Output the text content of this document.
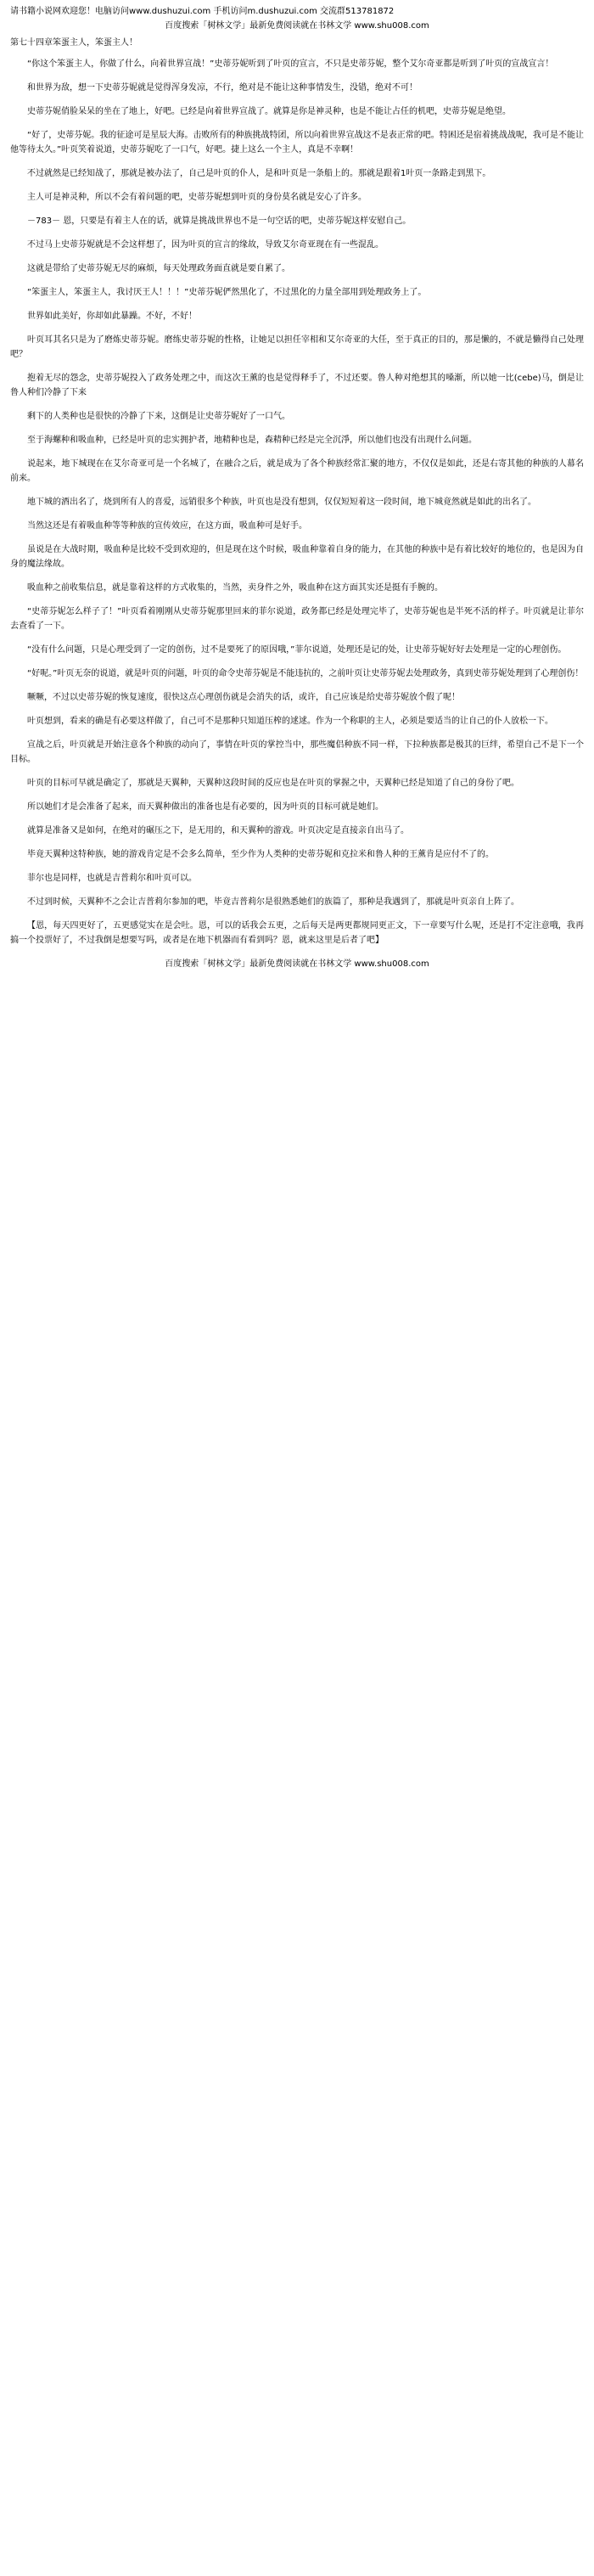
请书籍小说网欢迎您！电脑访问www.dushuzui.com 手机访问m.dushuzui.com 交流群513781872
百度搜索「树林文学」最新免费阅读就在书林文学 www.shu008.com
第七十四章笨蛋主人，笨蛋主人！

“你这个笨蛋主人，你做了什么，向着世界宣战！”史蒂芬妮听到了叶页的宣言，不只是史蒂芬妮，整个艾尔奇亚都是听到了叶页的宣战宣言！

和世界为敌，想一下史蒂芬妮就是觉得浑身发凉，不行，绝对是不能让这种事情发生，没错，绝对不可！

史蒂芬妮俏脸呆呆的坐在了地上，好吧。已经是向着世界宣战了。就算是你是神灵种，也是不能让占任的机吧，史蒂芬妮是绝望。

“好了，史蒂芬妮。我的征途可是星辰大海。击败所有的种族挑战特团，所以向着世界宣战这不是表正常的吧。特困还是宿着挑战战呢，我可是不能让他等待太久。”叶页笑着说道，史蒂芬妮吃了一口气，好吧。捷上这么一个主人，真是不幸啊！

不过就然是已经知战了，那就是被办法了，自己是叶页的仆人，是和叶页是一条船上的。那就是跟着1叶页一条路走到黑下。

主人可是神灵种，所以不会有着问题的吧，史蒂芬妮想到叶页的身份莫名就是安心了许多。

－783－ 恩，只要是有着主人在的话，就算是挑战世界也不是一句空话的吧，史蒂芬妮这样安慰自己。

不过马上史蒂芬妮就是不会这样想了，因为叶页的宣言的缘故，导致艾尔奇亚现在有一些混乱。

这就是带给了史蒂芬妮无尽的麻烦，每天处理政务面直就是要自累了。

“笨蛋主人，笨蛋主人，我讨厌王人！！！”史蒂芬妮俨然黑化了，不过黑化的力量全部用到处理政务上了。

世界如此美好，你却如此暴躁。不好，不好！

叶页耳其名只是为了磨炼史蒂芬妮。磨练史蒂芬妮的性格，让她足以担任宰相和艾尔奇亚的大任，至于真正的目的，那是懒的，不就是懒得自己处理吧？

抱着无尽的怨念，史蒂芬妮投入了政务处理之中，而这次王薰的也是觉得释手了，不过还要。鲁人种对绝想其的嗓渐，所以她一比(cebe)马，倒是让鲁人种们冷静了下来

剩下的人类种也是很快的冷静了下来，这倒是让史蒂芬妮好了一口气。

至于海螺种和吸血种，已经是叶页的忠实拥护者，地精种也是，森精种已经是完全沉淨，所以他们也没有出现什么问题。

说起来，地下城现在在艾尔奇亚可是一个名城了，在融合之后，就是成为了各个种族经常汇聚的地方，不仅仅是如此，还是右寄其他的种族的人幕名前来。

地下城的酒出名了，烧到所有人的喜爱，远销很多个种族，叶页也是没有想到，仅仅短短着这一段时间，地下城竟然就是如此的出名了。

当然这还是有着吸血种等等种族的宣传效应，在这方面，吸血种可是好手。

虽说是在大战时期，吸血种是比较不受到欢迎的，但是现在这个时候，吸血种靠着自身的能力，在其他的种族中是有着比较好的地位的，也是因为自身的魔法缘故。

吸血种之前收集信息，就是靠着这样的方式收集的，当然，卖身件之外，吸血种在这方面其实还是挺有手腕的。

“史蒂芬妮怎么样子了！”叶页看着刚刚从史蒂芬妮那里回来的菲尔说道，政务都已经是处理完毕了，史蒂芬妮也是半死不活的样子。叶页就是让菲尔去查看了一下。

“没有什么问题，只是心理受到了一定的创伤，过不是要死了的原因哦，”菲尔说道，处理还是记的处，让史蒂芬妮好好去处理是一定的心理创伤。

“好呢。”叶页无奈的说道，就是叶页的问题，叶页的命令史蒂芬妮是不能违抗的，之前叶页让史蒂芬妮去处理政务，真到史蒂芬妮处理到了心理创伤！

噘噘，不过以史蒂芬妮的恢复速度，很快这点心理创伤就是会消失的话，或许，自己应该是给史蒂芬妮放个假了呢！

叶页想到，看来的确是有必要这样做了，自己可不是那种只知道压榨的逑逑。作为一个称职的主人，必须是要适当的让自己的仆人放松一下。

宣战之后，叶页就是开始注意各个种族的动向了，事情在叶页的掌控当中，那些魔侣种族不同一样，下拉种族都是极其的巨绊，希望自己不是下一个目标。

叶页的目标可早就是确定了，那就是天翼种，天翼种这段时间的反应也是在叶页的掌握之中，天翼种已经是知道了自己的身份了吧。

所以她们才是会准备了起来，而天翼种做出的准备也是有必要的，因为叶页的目标可就是她们。

就算是准备又是如何，在绝对的碾压之下，是无用的，和天翼种的游戏。叶页决定是直接亲自出马了。

毕竟天翼种这特种族，她的游戏肯定是不会多么简单，至少作为人类种的史蒂芬妮和克拉米和鲁人种的王薰肯是应付不了的。

菲尔也是同样，也就是吉普莉尔和叶页可以。

不过到时候，天翼种不之会让吉普莉尔参加的吧，毕竟吉普莉尔是很熟悉她们的族篇了，那种是我遇到了，那就是叶页亲自上阵了。

【恩，每天四更好了，五更感觉实在是会吐。恩，可以的话我会五更，之后每天是两更都规同更正文，下一章要写什么呢，还是打不定注意哦，我再搞一个投票好了，不过我倒是想要写吗，或者是在地下机器而有看到吗？恩，就来这里是后者了吧】

百度搜索「树林文学」最新免费阅读就在书林文学 www.shu008.com
